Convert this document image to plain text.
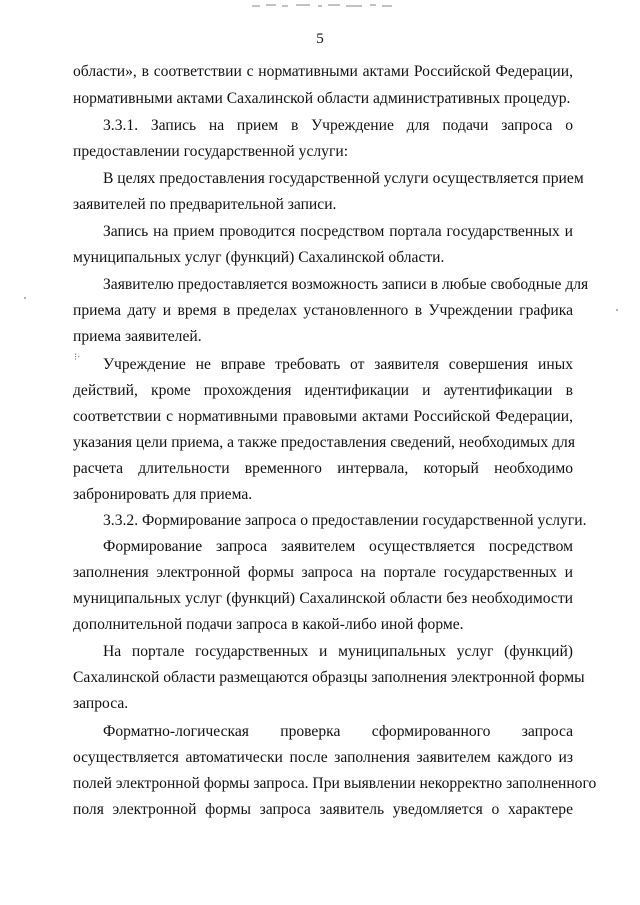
5
области», в соответствии с нормативными актами Российской Федерации,
нормативными актами Сахалинской области административных процедур.
3.3.1. Запись на прием в Учреждение для подачи запроса о
предоставлении государственной услуги:
В целях предоставления государственной услуги осуществляется прием
заявителей по предварительной записи.
Запись на прием проводится посредством портала государственных и
муниципальных услуг (функций) Сахалинской области.
Заявителю предоставляется возможность записи в любые свободные для
приема дату и время в пределах установленного в Учреждении графика
приема заявителей.
⁝· Учреждение не вправе требовать от заявителя совершения иных
действий, кроме прохождения идентификации и аутентификации в
соответствии с нормативными правовыми актами Российской Федерации,
указания цели приема, а также предоставления сведений, необходимых для
расчета длительности временного интервала, который необходимо
забронировать для приема.
3.3.2. Формирование запроса о предоставлении государственной услуги.
Формирование запроса заявителем осуществляется посредством
заполнения электронной формы запроса на портале государственных и
муниципальных услуг (функций) Сахалинской области без необходимости
дополнительной подачи запроса в какой-либо иной форме.
На портале государственных и муниципальных услуг (функций)
Сахалинской области размещаются образцы заполнения электронной формы
запроса.
Форматно-логическая проверка сформированного запроса
осуществляется автоматически после заполнения заявителем каждого из
полей электронной формы запроса. При выявлении некорректно заполненного
поля электронной формы запроса заявитель уведомляется о характере
